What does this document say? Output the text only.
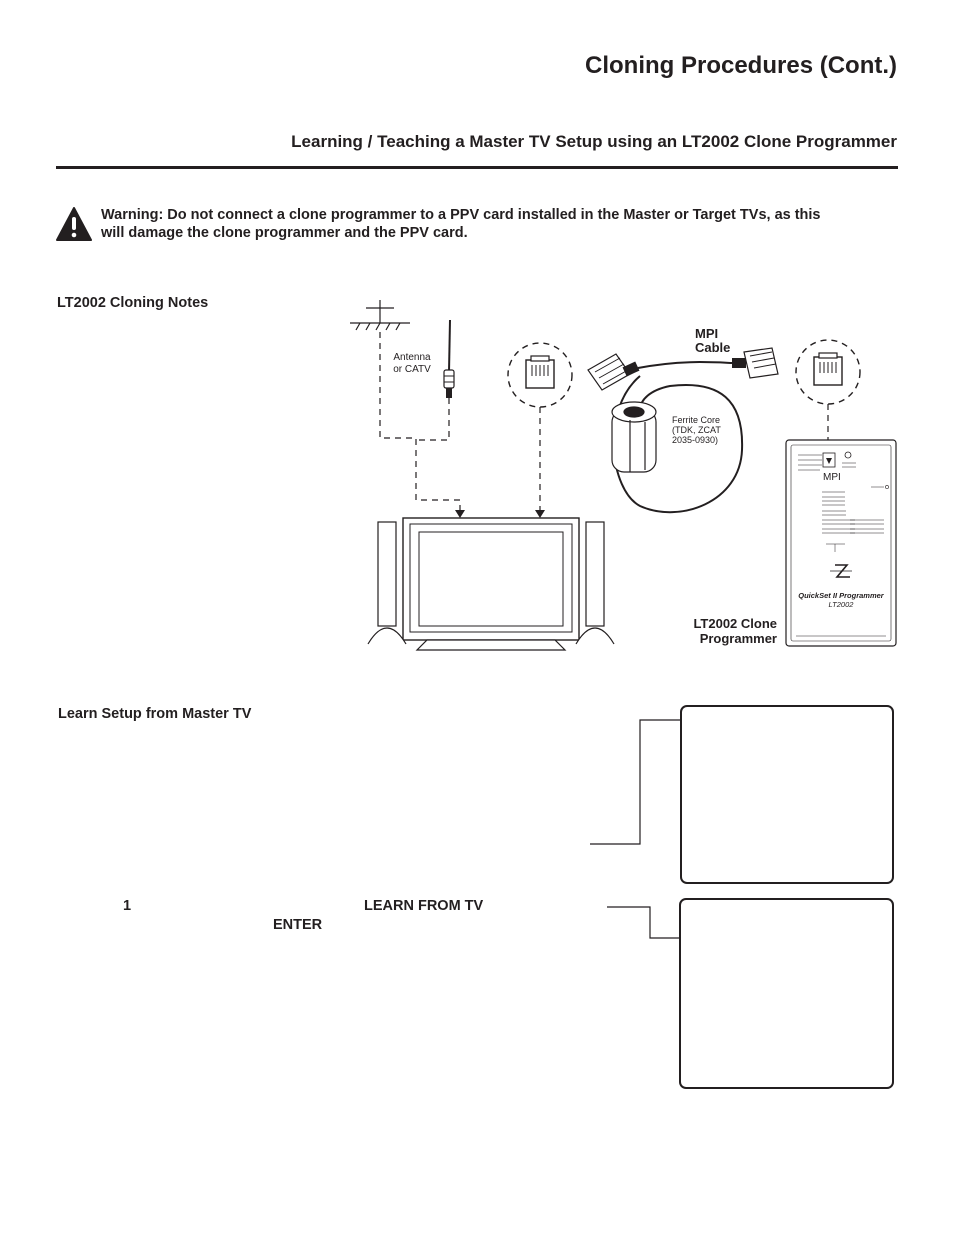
Cloning Procedures (Cont.)
Learning / Teaching a Master TV Setup using an LT2002 Clone Programmer
Warning: Do not connect a clone programmer to a PPV card installed in the Master or Target TVs, as this will damage the clone programmer and the PPV card.
LT2002 Cloning Notes
Antenna
or CATV
MPI
Cable
Ferrite Core
(TDK, ZCAT
2035-0930)
MPI
QuickSet II Programmer
LT2002
LT2002 Clone
Programmer
Learn Setup from Master TV
1	LEARN FROM TV
ENTER
